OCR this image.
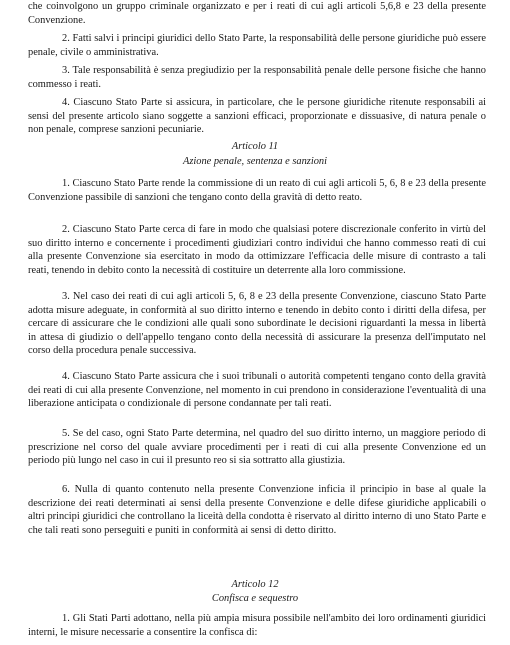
che coinvolgono un gruppo criminale organizzato e per i reati di cui agli articoli 5,6,8 e 23 della presente Convenzione.

2. Fatti salvi i principi giuridici dello Stato Parte, la responsabilità delle persone giuridiche può essere penale, civile o amministrativa.

3. Tale responsabilità è senza pregiudizio per la responsabilità penale delle persone fisiche che hanno commesso i reati.

4. Ciascuno Stato Parte si assicura, in particolare, che le persone giuridiche ritenute responsabili ai sensi del presente articolo siano soggette a sanzioni efficaci, proporzionate e dissuasive, di natura penale o non penale, comprese sanzioni pecuniarie.

Articolo 11

Azione penale, sentenza e sanzioni

1. Ciascuno Stato Parte rende la commissione di un reato di cui agli articoli 5, 6, 8 e 23 della presente Convenzione passibile di sanzioni che tengano conto della gravità di detto reato.

2. Ciascuno Stato Parte cerca di fare in modo che qualsiasi potere discrezionale conferito in virtù del suo diritto interno e concernente i procedimenti giudiziari contro individui che hanno commesso reati di cui alla presente Convenzione sia esercitato in modo da ottimizzare l'efficacia delle misure di contrasto a tali reati, tenendo in debito conto la necessità di costituire un deterrente alla loro commissione.

3. Nel caso dei reati di cui agli articoli 5, 6, 8 e 23 della presente Convenzione, ciascuno Stato Parte adotta misure adeguate, in conformità al suo diritto interno e tenendo in debito conto i diritti della difesa, per cercare di assicurare che le condizioni alle quali sono subordinate le decisioni riguardanti la messa in libertà in attesa di giudizio o dell'appello tengano conto della necessità di assicurare la presenza dell'imputato nel corso della procedura penale successiva.

4. Ciascuno Stato Parte assicura che i suoi tribunali o autorità competenti tengano conto della gravità dei reati di cui alla presente Convenzione, nel momento in cui prendono in considerazione l'eventualità di una liberazione anticipata o condizionale di persone condannate per tali reati.

5. Se del caso, ogni Stato Parte determina, nel quadro del suo diritto interno, un maggiore periodo di prescrizione nel corso del quale avviare procedimenti per i reati di cui alla presente Convenzione ed un periodo più lungo nel caso in cui il presunto reo si sia sottratto alla giustizia.

6. Nulla di quanto contenuto nella presente Convenzione inficia il principio in base al quale la descrizione dei reati determinati ai sensi della presente Convenzione e delle difese giuridiche applicabili o altri principi giuridici che controllano la liceità della condotta è riservato al diritto interno di uno Stato Parte e che tali reati sono perseguiti e puniti in conformità ai sensi di detto diritto.

Articolo 12

Confisca e sequestro

1. Gli Stati Parti adottano, nella più ampia misura possibile nell'ambito dei loro ordinamenti giuridici interni, le misure necessarie a consentire la confisca di:
